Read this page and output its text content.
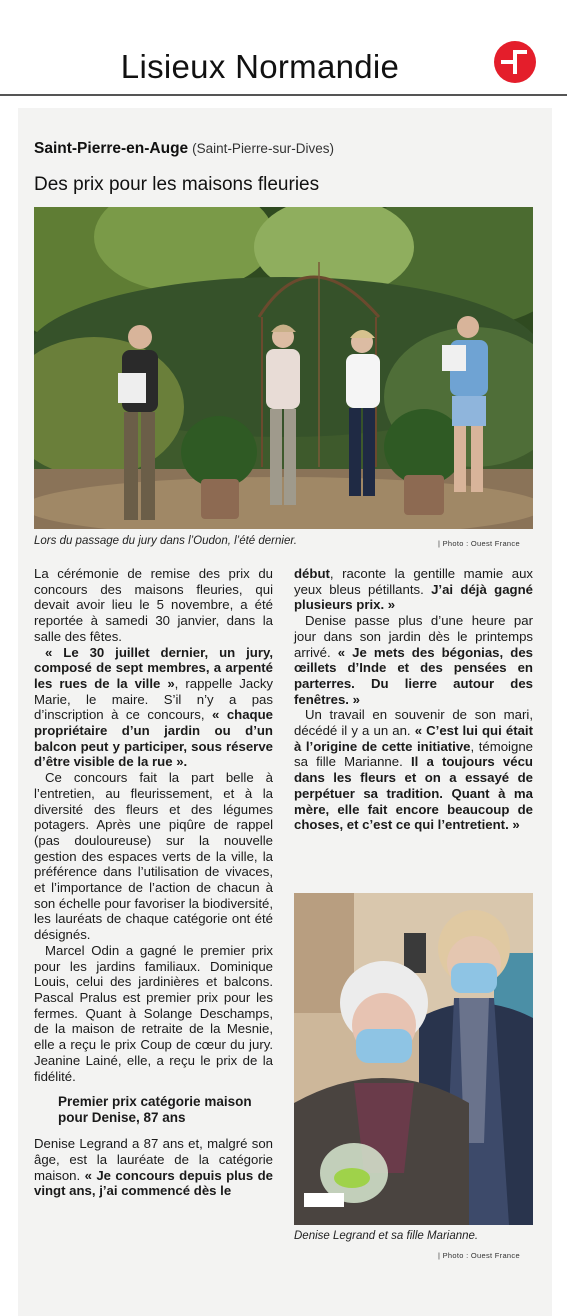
Lisieux Normandie
Saint-Pierre-en-Auge (Saint-Pierre-sur-Dives)
Des prix pour les maisons fleuries
Lors du passage du jury dans l’Oudon, l’été dernier.	| Photo : Ouest France

La cérémonie de remise des prix du concours des maisons fleuries, qui devait avoir lieu le 5 novembre, a été reportée à samedi 30 janvier, dans la salle des fêtes.

« Le 30 juillet dernier, un jury, composé de sept membres, a arpenté les rues de la ville », rappelle Jacky Marie, le maire. S’il n’y a pas d’inscription à ce concours, « chaque propriétaire d’un jardin ou d’un balcon peut y participer, sous réserve d’être visible de la rue ».

Ce concours fait la part belle à l’entretien, au fleurissement, et à la diversité des fleurs et des légumes potagers. Après une piqûre de rappel (pas douloureuse) sur la nouvelle gestion des espaces verts de la ville, la préférence dans l’utilisation de vivaces, et l’importance de l’action de chacun à son échelle pour favoriser la biodiversité, les lauréats de chaque catégorie ont été désignés.

Marcel Odin a gagné le premier prix pour les jardins familiaux. Dominique Louis, celui des jardinières et balcons. Pascal Pralus est premier prix pour les fermes. Quant à Solange Deschamps, de la maison de retraite de la Mesnie, elle a reçu le prix Coup de cœur du jury. Jeanine Lainé, elle, a reçu le prix de la fidélité.

Premier prix catégorie maison pour Denise, 87 ans

Denise Legrand a 87 ans et, malgré son âge, est la lauréate de la catégorie maison. « Je concours depuis plus de vingt ans, j’ai commencé dès le

début, raconte la gentille mamie aux yeux bleus pétillants. J’ai déjà gagné plusieurs prix. »

Denise passe plus d’une heure par jour dans son jardin dès le printemps arrivé. « Je mets des bégonias, des œillets d’Inde et des pensées en parterres. Du lierre autour des fenêtres. »

Un travail en souvenir de son mari, décédé il y a un an. « C’est lui qui était à l’origine de cette initiative, témoigne sa fille Marianne. Il a toujours vécu dans les fleurs et on a essayé de perpétuer sa tradition. Quant à ma mère, elle fait encore beaucoup de choses, et c’est ce qui l’entretient. »

Denise Legrand et sa fille Marianne.
| Photo : Ouest France
